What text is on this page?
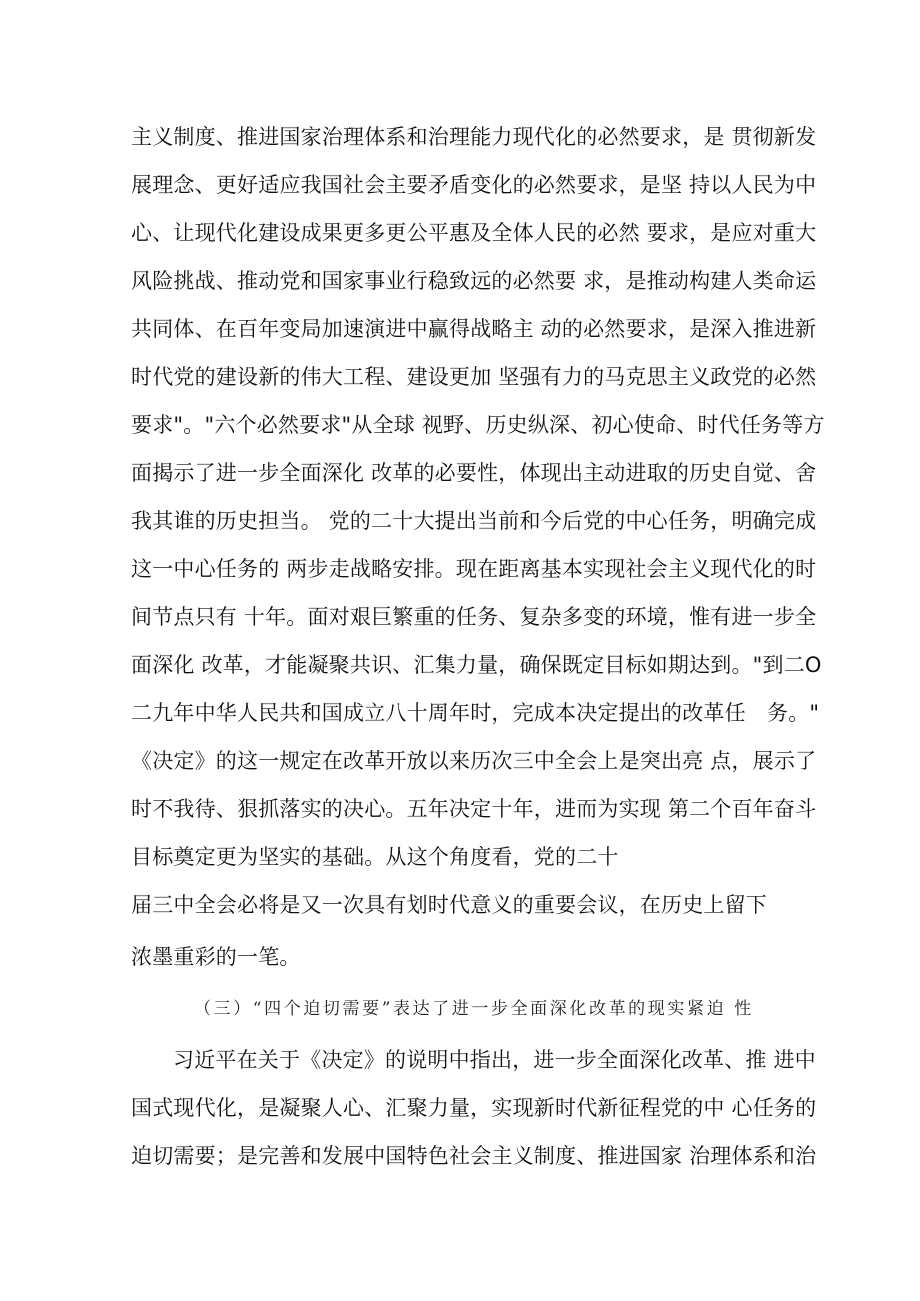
主义制度、推进国家治理体系和治理能力现代化的必然要求，是 贯彻新发
展理念、更好适应我国社会主要矛盾变化的必然要求，是坚 持以人民为中
心、让现代化建设成果更多更公平惠及全体人民的必然 要求，是应对重大
风险挑战、推动党和国家事业行稳致远的必然要 求，是推动构建人类命运
共同体、在百年变局加速演进中赢得战略主 动的必然要求，是深入推进新
时代党的建设新的伟大工程、建设更加 坚强有力的马克思主义政党的必然
要求"。"六个必然要求"从全球 视野、历史纵深、初心使命、时代任务等方
面揭示了进一步全面深化 改革的必要性，体现出主动进取的历史自觉、舍
我其谁的历史担当。 党的二十大提出当前和今后党的中心任务，明确完成
这一中心任务的 两步走战略安排。现在距离基本实现社会主义现代化的时
间节点只有 十年。面对艰巨繁重的任务、复杂多变的环境，惟有进一步全
面深化 改革，才能凝聚共识、汇集力量，确保既定目标如期达到。"到二O
二九年中华人民共和国成立八十周年时，完成本决定提出的改革任　务。"
《决定》的这一规定在改革开放以来历次三中全会上是突出亮 点，展示了
时不我待、狠抓落实的决心。五年决定十年，进而为实现 第二个百年奋斗
目标奠定更为坚实的基础。从这个角度看，党的二十
届三中全会必将是又一次具有划时代意义的重要会议，在历史上留下
浓墨重彩的一笔。
（三）“四个迫切需要”表达了进一步全面深化改革的现实紧迫 性
习近平在关于《决定》的说明中指出，进一步全面深化改革、推 进中
国式现代化，是凝聚人心、汇聚力量，实现新时代新征程党的中 心任务的
迫切需要；是完善和发展中国特色社会主义制度、推进国家 治理体系和治
